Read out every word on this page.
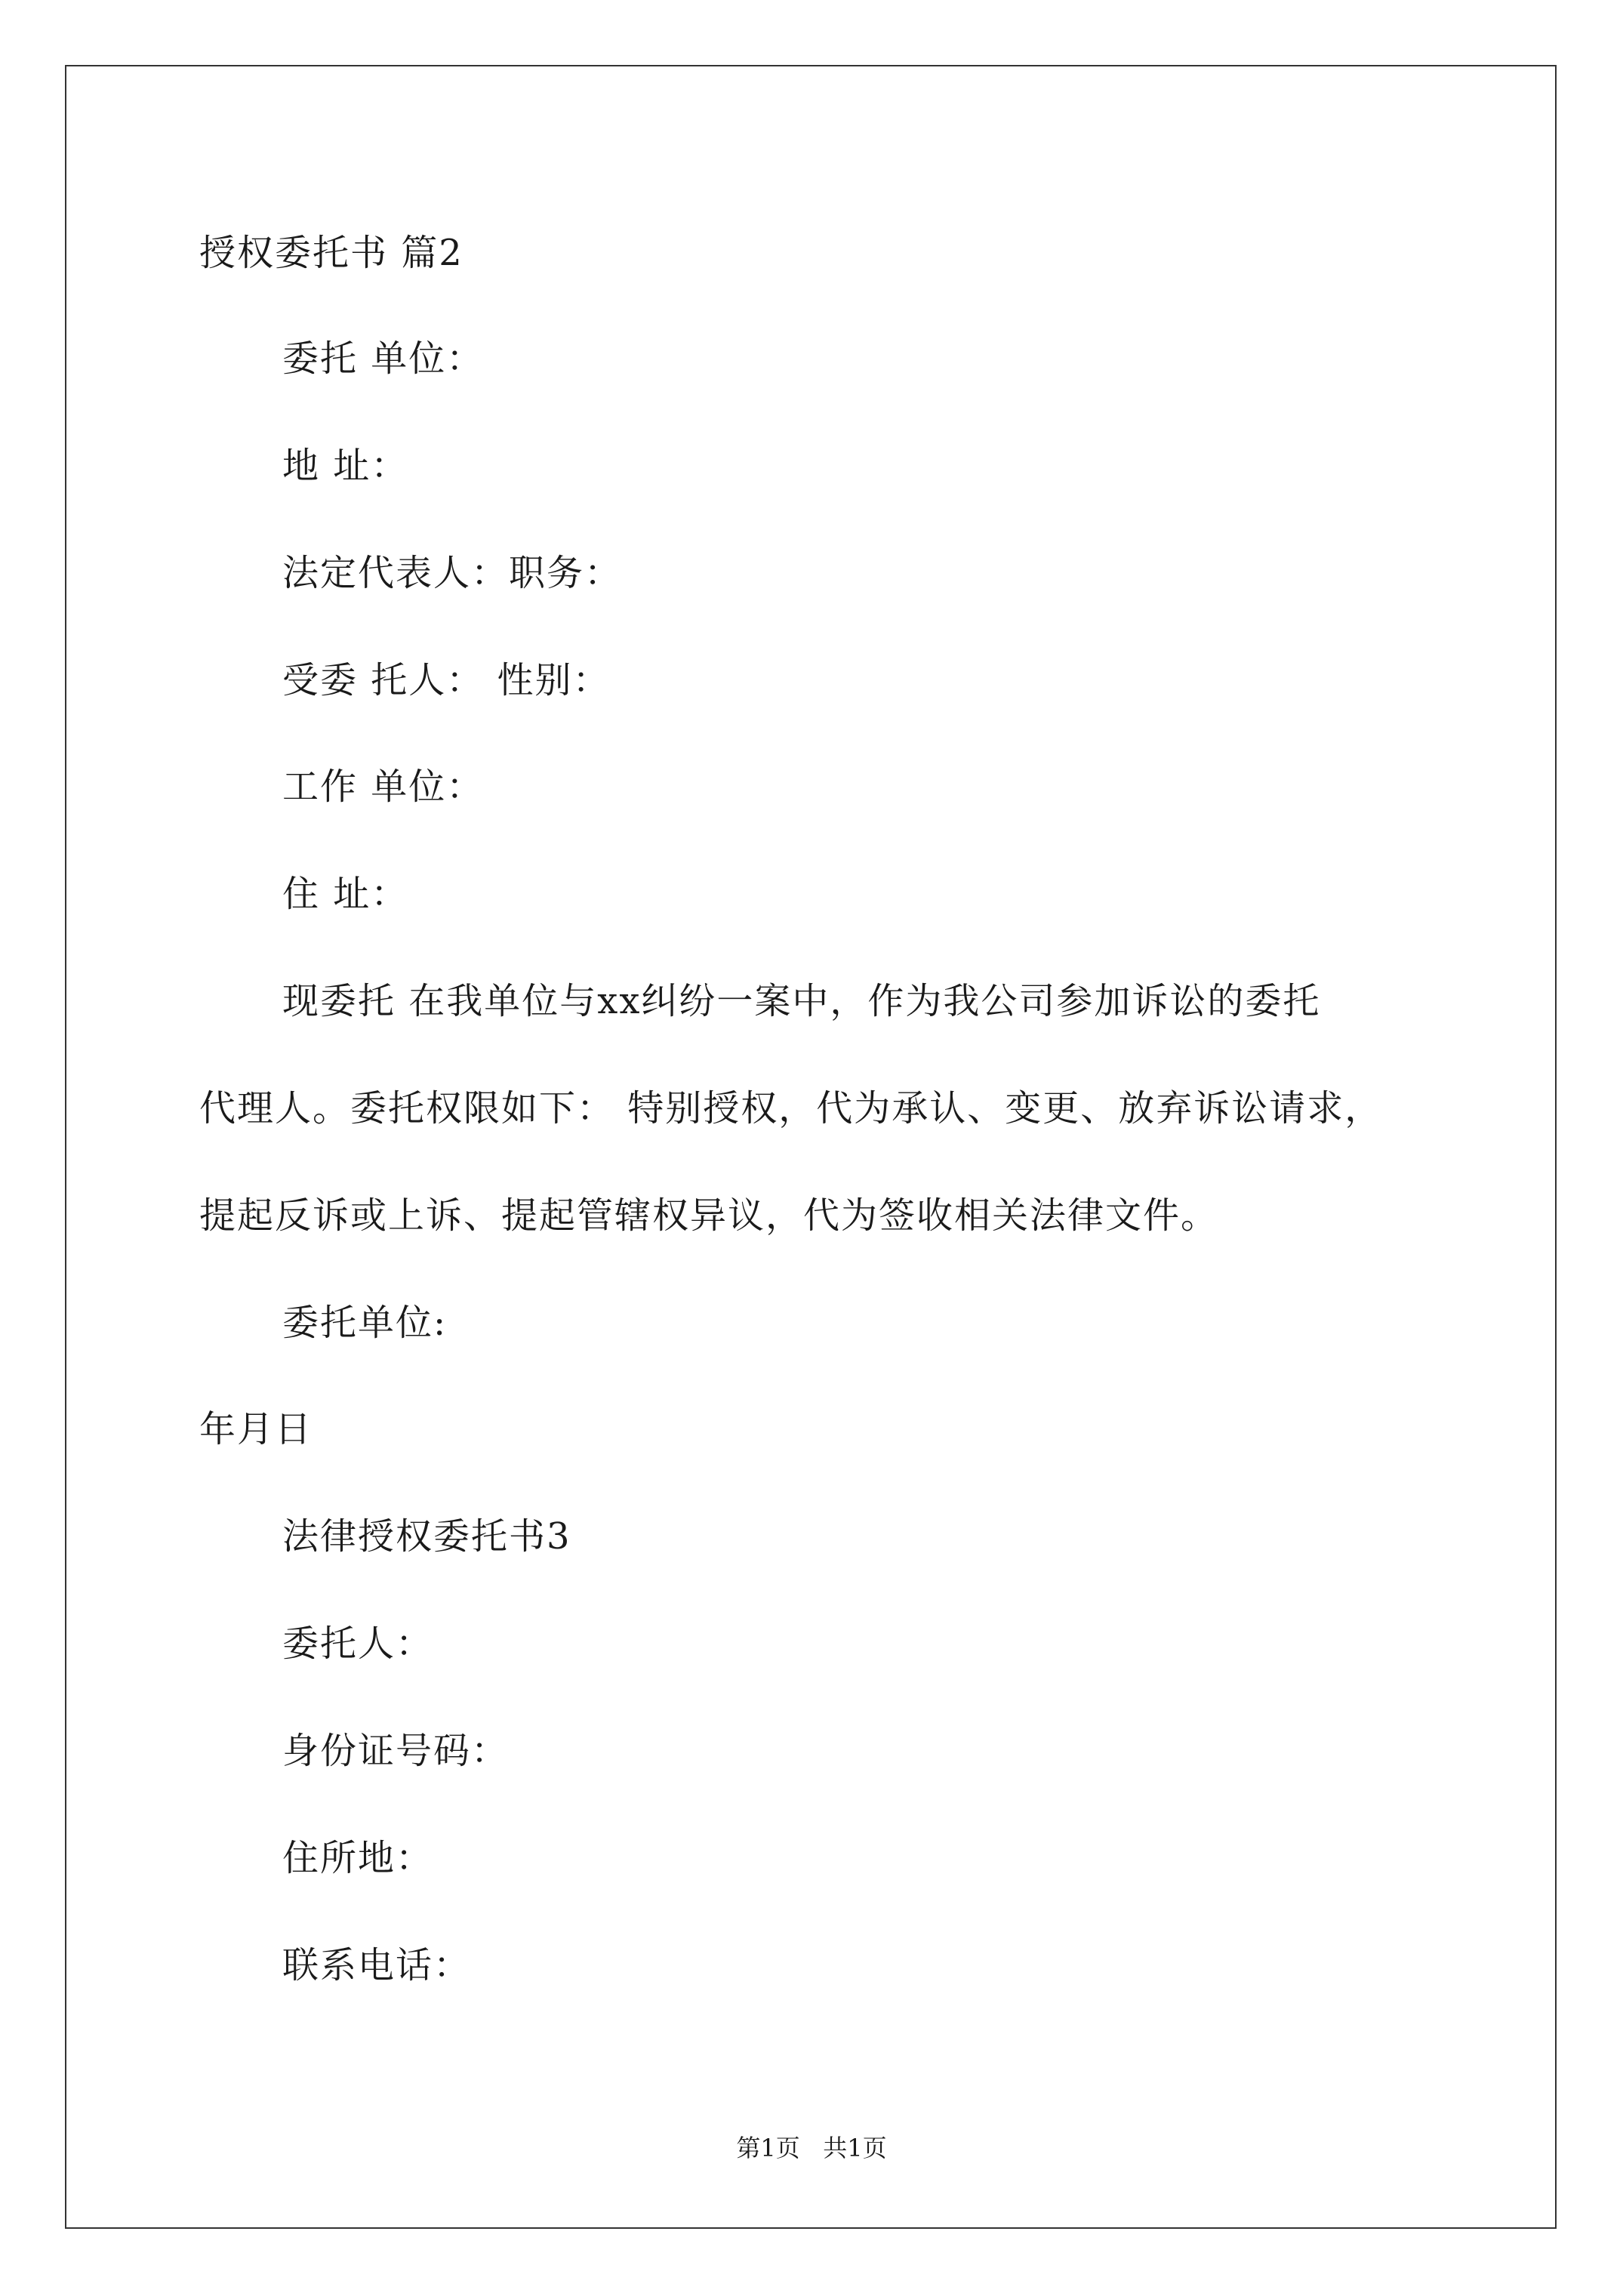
授权委托书 篇2
委托 单位：
地 址：
法定代表人：职务：
受委 托人： 性别：
工作 单位：
住 址：
现委托 在我单位与xx纠纷一案中，作为我公司参加诉讼的委托
代理人。委托权限如下： 特别授权，代为承认、变更、放弃诉讼请求，
提起反诉或上诉、提起管辖权异议，代为签收相关法律文件。
委托单位:
年月日
法律授权委托书3
委托人：
身份证号码：
住所地：
联系电话：
第1页   共1页
